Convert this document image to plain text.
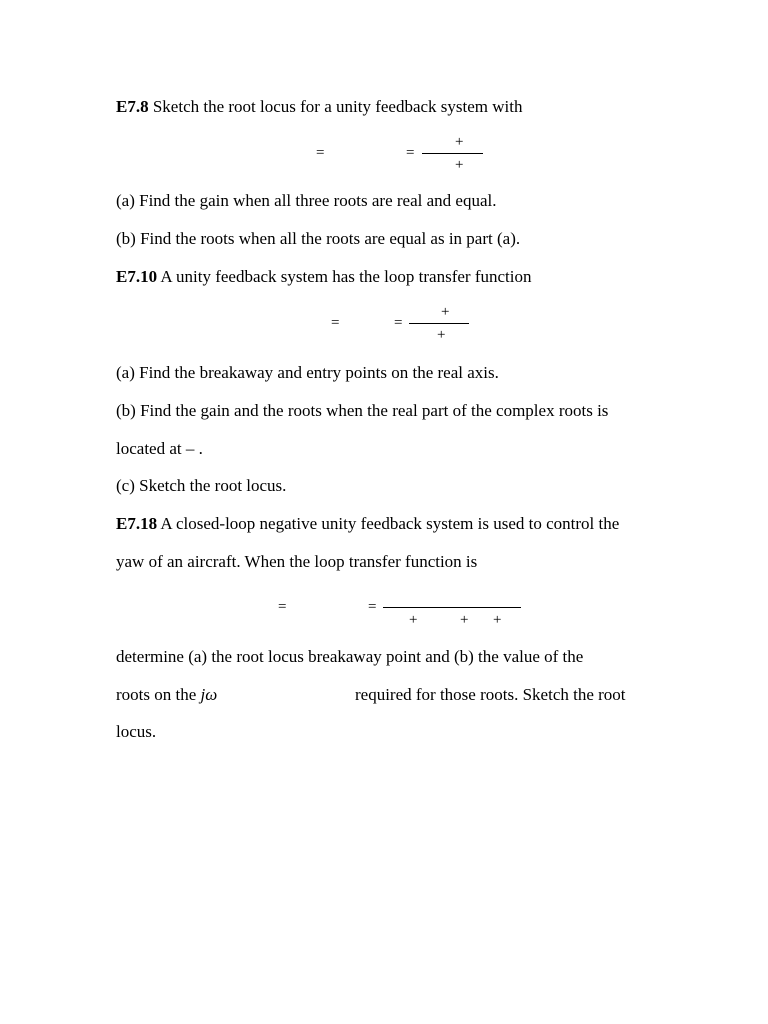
E7.8 Sketch the root locus for a unity feedback system with
=	=
+
+
(a) Find the gain when all three roots are real and equal.
(b) Find the roots when all the roots are equal as in part (a).
E7.10 A unity feedback system has the loop transfer function
=	=
+
+
(a) Find the breakaway and entry points on the real axis.
(b) Find the gain and the roots when the real part of the complex roots is
located at – .
(c) Sketch the root locus.
E7.18 A closed-loop negative unity feedback system is used to control the
yaw of an aircraft. When the loop transfer function is
=	=
+	+ +
determine (a) the root locus breakaway point and (b) the value of the
roots on the jω	required for those roots. Sketch the root
locus.
